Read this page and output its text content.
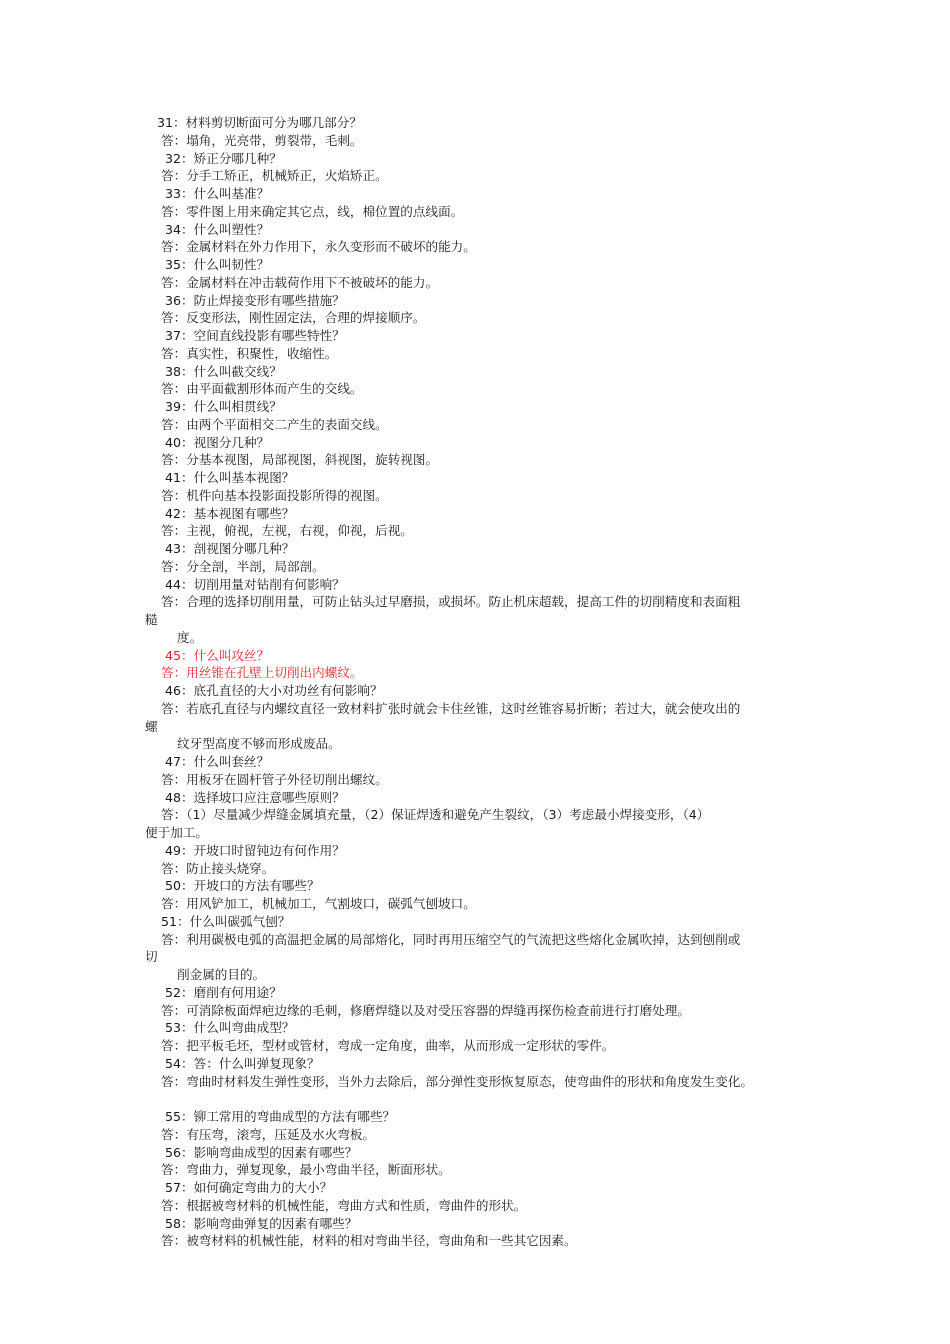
31：材料剪切断面可分为哪几部分？
答：塌角，光亮带，剪裂带，毛刺。
32：矫正分哪几种？
答：分手工矫正，机械矫正，火焰矫正。
33：什么叫基准？
答：零件图上用来确定其它点，线，棉位置的点线面。
34：什么叫塑性？
答：金属材料在外力作用下，永久变形而不破坏的能力。
35：什么叫韧性？
答：金属材料在冲击载荷作用下不被破坏的能力。
36：防止焊接变形有哪些措施？
答：反变形法，刚性固定法，合理的焊接顺序。
37：空间直线投影有哪些特性？
答：真实性，积聚性，收缩性。
38：什么叫截交线？
答：由平面截割形体而产生的交线。
39：什么叫相贯线？
答：由两个平面相交二产生的表面交线。
40：视图分几种？
答：分基本视图，局部视图，斜视图，旋转视图。
41：什么叫基本视图？
答：机件向基本投影面投影所得的视图。
42：基本视图有哪些？
答：主视，俯视，左视，右视，仰视，后视。
43：剖视图分哪几种？
答：分全剖，半剖，局部剖。
44：切削用量对钻削有何影响？
答：合理的选择切削用量，可防止钻头过早磨损，或损坏。防止机床超载，提高工件的切削精度和表面粗
糙
度。
45：什么叫攻丝？
答：用丝锥在孔壁上切削出内螺纹。
46：底孔直径的大小对功丝有何影响？
答：若底孔直径与内螺纹直径一致材料扩张时就会卡住丝锥，这时丝锥容易折断；若过大，就会使攻出的
螺
纹牙型高度不够而形成废品。
47：什么叫套丝？
答：用板牙在圆杆管子外径切削出螺纹。
48：选择坡口应注意哪些原则？
答：（1）尽量减少焊缝金属填充量，（2）保证焊透和避免产生裂纹，（3）考虑最小焊接变形，（4）
便于加工。
49：开坡口时留钝边有何作用？
答：防止接头烧穿。
50：开坡口的方法有哪些？
答：用风铲加工，机械加工，气割坡口，碳弧气刨坡口。
51：什么叫碳弧气刨？
答：利用碳极电弧的高温把金属的局部熔化，同时再用压缩空气的气流把这些熔化金属吹掉，达到刨削或
切
削金属的目的。
52：磨削有何用途？
答：可消除板面焊疤边缘的毛刺，修磨焊缝以及对受压容器的焊缝再探伤检查前进行打磨处理。
53：什么叫弯曲成型？
答：把平板毛坯，型材或管材，弯成一定角度，曲率，从而形成一定形状的零件。
54：答：什么叫弹复现象？
答：弯曲时材料发生弹性变形，当外力去除后，部分弹性变形恢复原态，使弯曲件的形状和角度发生变化。
55：铆工常用的弯曲成型的方法有哪些？
答：有压弯，滚弯，压延及水火弯板。
56：影响弯曲成型的因素有哪些？
答：弯曲力，弹复现象，最小弯曲半径，断面形状。
57：如何确定弯曲力的大小？
答：根据被弯材料的机械性能，弯曲方式和性质，弯曲件的形状。
58：影响弯曲弹复的因素有哪些？
答：被弯材料的机械性能，材料的相对弯曲半径，弯曲角和一些其它因素。
